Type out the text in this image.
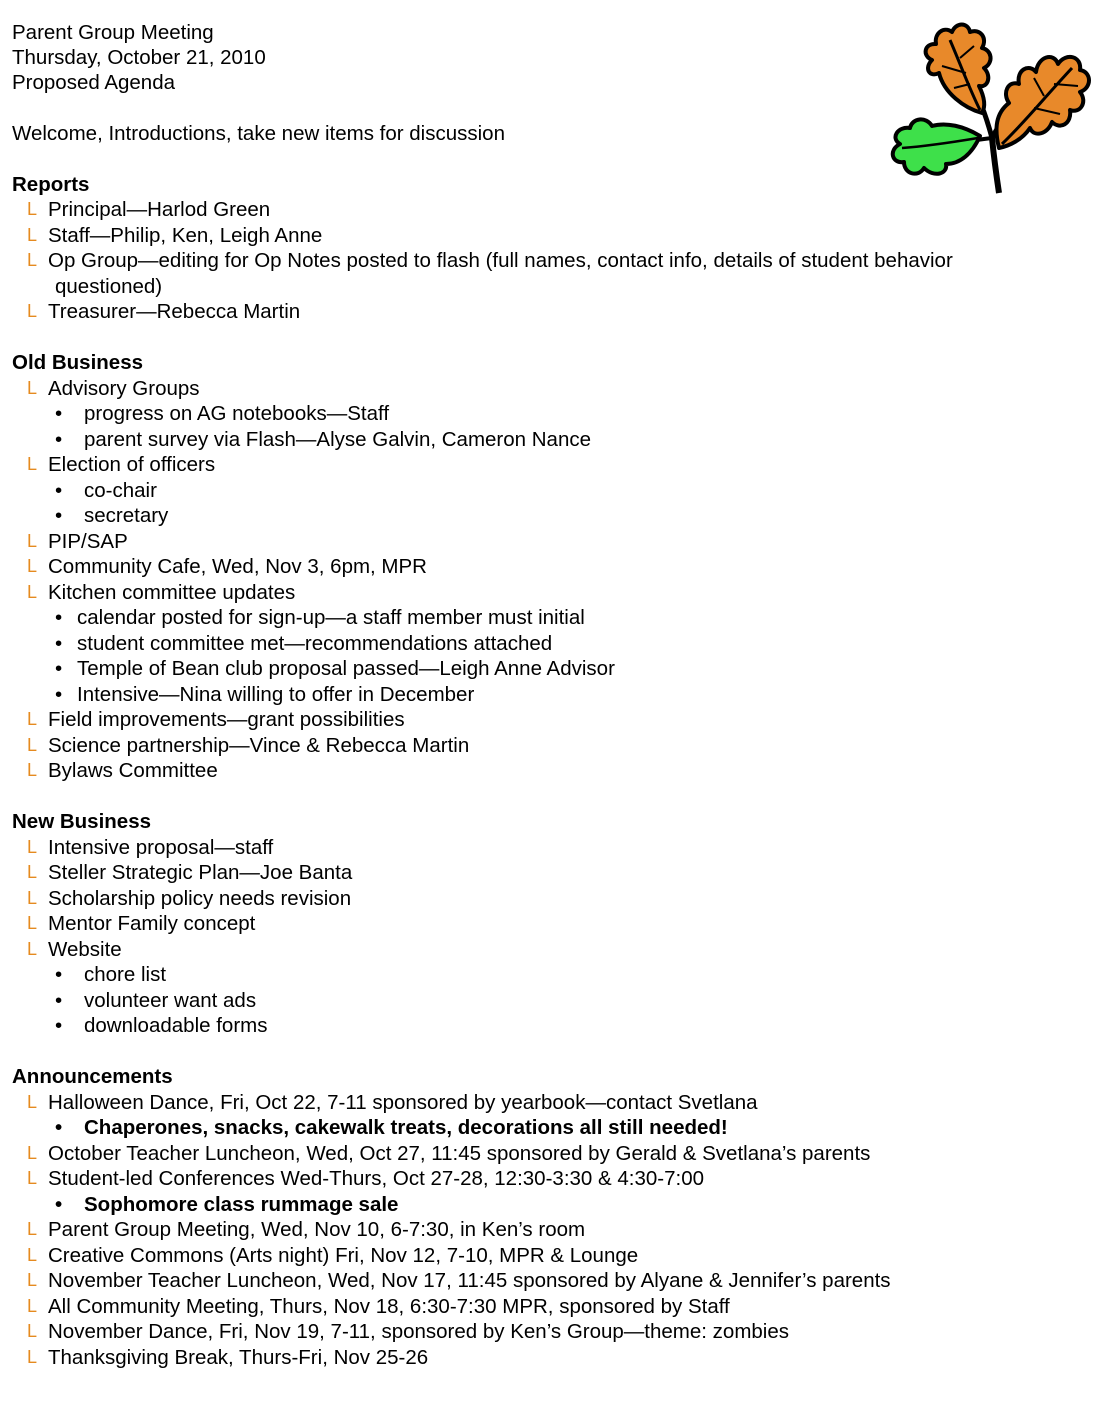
Parent Group Meeting
Thursday, October 21, 2010
Proposed Agenda
Welcome, Introductions, take new items for discussion
Reports
L Principal—Harlod Green
L Staff—Philip, Ken, Leigh Anne
L Op Group—editing for Op Notes posted to flash (full names, contact info, details of student behavior
questioned)
L Treasurer—Rebecca Martin
Old Business
L Advisory Groups
• progress on AG notebooks—Staff
• parent survey via Flash—Alyse Galvin, Cameron Nance
L Election of officers
• co-chair
• secretary
L PIP/SAP
L Community Cafe, Wed, Nov 3, 6pm, MPR
L Kitchen committee updates
• calendar posted for sign-up—a staff member must initial
• student committee met—recommendations attached
• Temple of Bean club proposal passed—Leigh Anne Advisor
• Intensive—Nina willing to offer in December
L Field improvements—grant possibilities
L Science partnership—Vince & Rebecca Martin
L Bylaws Committee
New Business
L Intensive proposal—staff
L Steller Strategic Plan—Joe Banta
L Scholarship policy needs revision
L Mentor Family concept
L Website
• chore list
• volunteer want ads
• downloadable forms
Announcements
L Halloween Dance, Fri, Oct 22, 7-11 sponsored by yearbook—contact Svetlana
• Chaperones, snacks, cakewalk treats, decorations all still needed!
L October Teacher Luncheon, Wed, Oct 27, 11:45 sponsored by Gerald & Svetlana’s parents
L Student-led Conferences Wed-Thurs, Oct 27-28, 12:30-3:30 & 4:30-7:00
• Sophomore class rummage sale
L Parent Group Meeting, Wed, Nov 10, 6-7:30, in Ken’s room
L Creative Commons (Arts night) Fri, Nov 12, 7-10, MPR & Lounge
L November Teacher Luncheon, Wed, Nov 17, 11:45 sponsored by Alyane & Jennifer’s parents
L All Community Meeting, Thurs, Nov 18, 6:30-7:30 MPR, sponsored by Staff
L November Dance, Fri, Nov 19, 7-11, sponsored by Ken’s Group—theme: zombies
L Thanksgiving Break, Thurs-Fri, Nov 25-26
